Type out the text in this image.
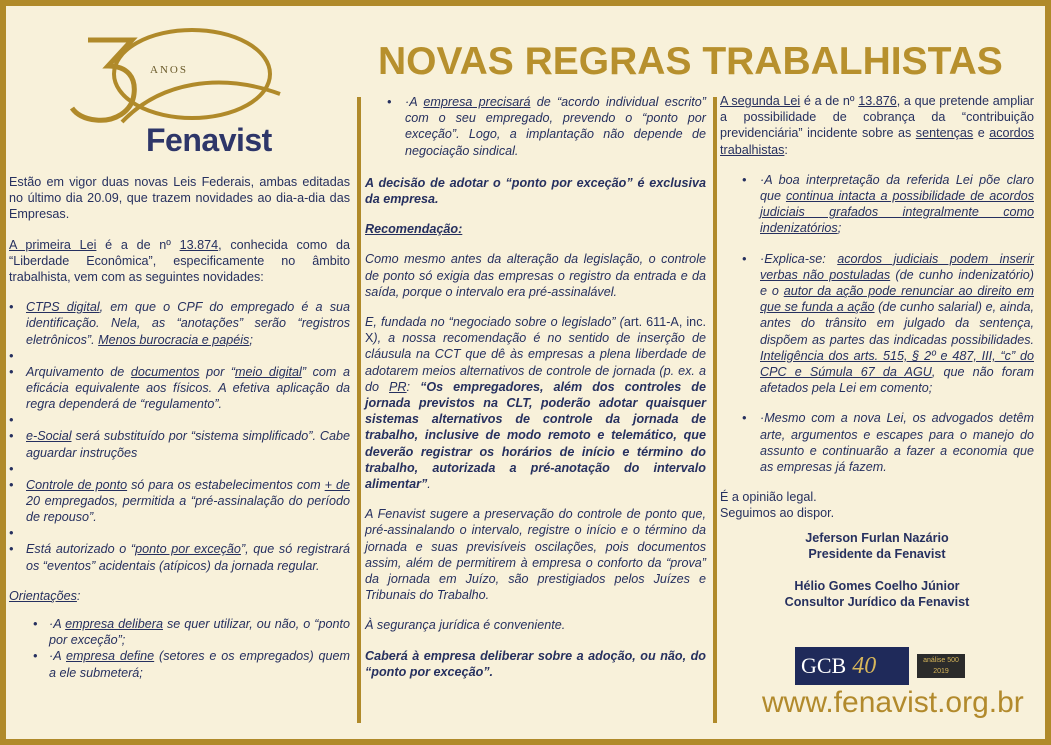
ANOS
Fenavist
NOVAS REGRAS TRABALHISTAS

Estão em vigor duas novas Leis Federais, ambas editadas no último dia 20.09, que trazem novidades ao dia-a-dia das Empresas.

A primeira Lei é a de nº 13.874, conhecida como da “Liberdade Econômica”, especificamente no âmbito trabalhista, vem com as seguintes novidades:

• CTPS digital, em que o CPF do empregado é a sua identificação. Nela, as “anotações” serão “registros eletrônicos”. Menos burocracia e papéis;
•
• Arquivamento de documentos por “meio digital” com a eficácia equivalente aos físicos. A efetiva aplicação da regra dependerá de “regulamento”.
•
• e-Social será substituído por “sistema simplificado”. Cabe aguardar instruções
•
• Controle de ponto só para os estabelecimentos com + de 20 empregados, permitida a “pré-assinalação do período de repouso”.
•
• Está autorizado o “ponto por exceção”, que só registrará os “eventos” acidentais (atípicos) da jornada regular.

Orientações:

• ·A empresa delibera se quer utilizar, ou não, o “ponto por exceção”;
• ·A empresa define (setores e os empregados) quem a ele submeterá;
• ·A empresa precisará de “acordo individual escrito” com o seu empregado, prevendo o “ponto por exceção”. Logo, a implantação não depende de negociação sindical.

A decisão de adotar o “ponto por exceção” é exclusiva da empresa.

Recomendação:

Como mesmo antes da alteração da legislação, o controle de ponto só exigia das empresas o registro da entrada e da saída, porque o intervalo era pré-assinalável.

E, fundada no “negociado sobre o legislado” (art. 611-A, inc. X), a nossa recomendação é no sentido de inserção de cláusula na CCT que dê às empresas a plena liberdade de adotarem meios alternativos de controle de jornada (p. ex. a do PR: “Os empregadores, além dos controles de jornada previstos na CLT, poderão adotar quaisquer sistemas alternativos de controle da jornada de trabalho, inclusive de modo remoto e telemático, que deverão registrar os horários de início e término do trabalho, autorizada a pré-anotação do intervalo alimentar”.

A Fenavist sugere a preservação do controle de ponto que, pré-assinalando o intervalo, registre o início e o término da jornada e suas previsíveis oscilações, pois documentos assim, além de permitirem à empresa o conforto da “prova” da jornada em Juízo, são prestigiados pelos Juízes e Tribunais do Trabalho.

À segurança jurídica é conveniente.

Caberá à empresa deliberar sobre a adoção, ou não, do “ponto por exceção”.

A segunda Lei é a de nº 13.876, a que pretende ampliar a possibilidade de cobrança da “contribuição previdenciária” incidente sobre as sentenças e acordos trabalhistas:

• ·A boa interpretação da referida Lei põe claro que continua intacta a possibilidade de acordos judiciais grafados integralmente como indenizatórios;
• ·Explica-se: acordos judiciais podem inserir verbas não postuladas (de cunho indenizatório) e o autor da ação pode renunciar ao direito em que se funda a ação (de cunho salarial) e, ainda, antes do trânsito em julgado da sentença, dispõem as partes das indicadas possibilidades. Inteligência dos arts. 515, § 2º e 487, III, “c” do CPC e Súmula 67 da AGU, que não foram afetados pela Lei em comento;
• ·Mesmo com a nova Lei, os advogados detêm arte, argumentos e escapes para o manejo do assunto e continuarão a fazer a economia que as empresas já fazem.
É a opinião legal.
Seguimos ao dispor.
Jeferson Furlan Nazário
Presidente da Fenavist
Hélio Gomes Coelho Júnior
Consultor Jurídico da Fenavist
GCB 40	análise 500 2019
www.fenavist.org.br
